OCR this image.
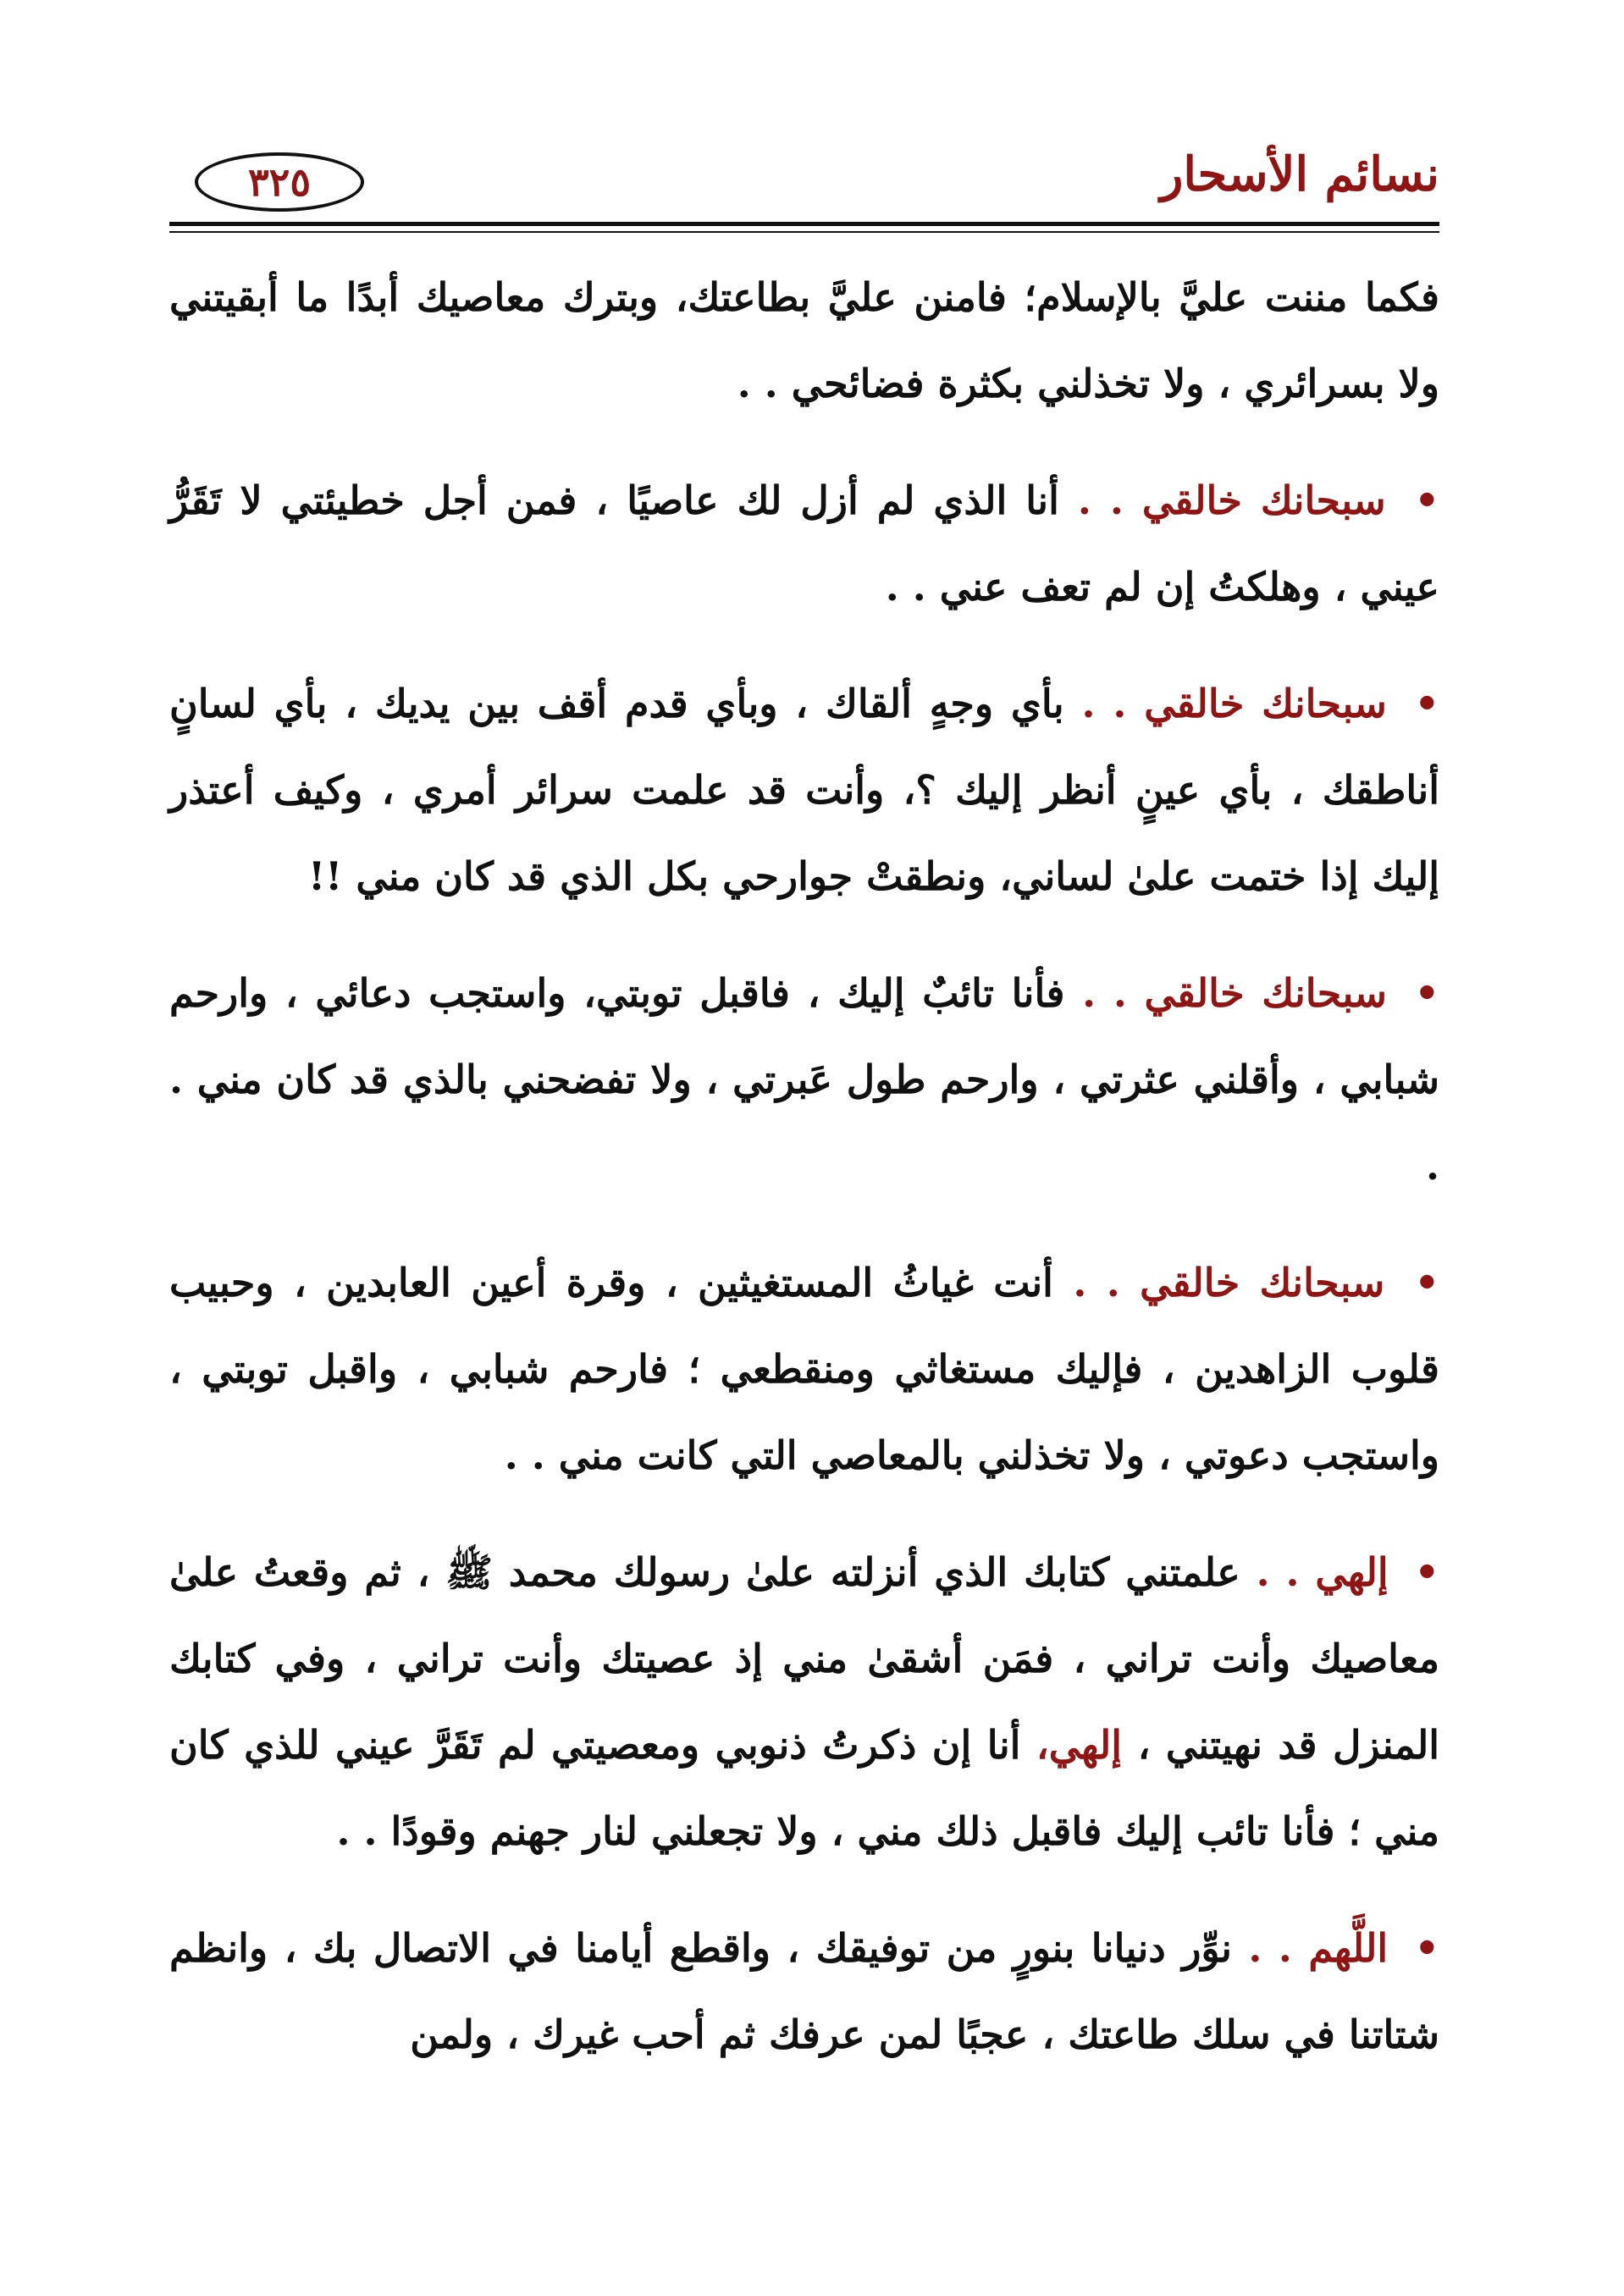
نسائم الأسحار
٣٢٥

فكما مننت عليَّ بالإسلام؛ فامنن عليَّ بطاعتك، وبترك معاصيك أبدًا ما أبقيتني ولا بسرائري ، ولا تخذلني بكثرة فضائحي . .

• سبحانك خالقي . . أنا الذي لم أزل لك عاصيًا ، فمن أجل خطيئتي لا تَقَرُّ عيني ، وهلكتُ إن لم تعف عني . .

• سبحانك خالقي . . بأي وجهٍ ألقاك ، وبأي قدم أقف بين يديك ، بأي لسانٍ أناطقك ، بأي عينٍ أنظر إليك ؟، وأنت قد علمت سرائر أمري ، وكيف أعتذر إليك إذا ختمت علىٰ لساني، ونطقتْ جوارحي بكل الذي قد كان مني !!

• سبحانك خالقي . . فأنا تائبٌ إليك ، فاقبل توبتي، واستجب دعائي ، وارحم شبابي ، وأقلني عثرتي ، وارحم طول عَبرتي ، ولا تفضحني بالذي قد كان مني . .

• سبحانك خالقي . . أنت غياثُ المستغيثين ، وقرة أعين العابدين ، وحبيب قلوب الزاهدين ، فإليك مستغاثي ومنقطعي ؛ فارحم شبابي ، واقبل توبتي ، واستجب دعوتي ، ولا تخذلني بالمعاصي التي كانت مني . .

• إلهي . . علمتني كتابك الذي أنزلته علىٰ رسولك محمد ﷺ ، ثم وقعتُ علىٰ معاصيك وأنت تراني ، فمَن أشقىٰ مني إذ عصيتك وأنت تراني ، وفي كتابك المنزل قد نهيتني ، إلهي، أنا إن ذكرتُ ذنوبي ومعصيتي لم تَقَرَّ عيني للذي كان مني ؛ فأنا تائب إليك فاقبل ذلك مني ، ولا تجعلني لنار جهنم وقودًا . .

• اللَّهم . . نوِّر دنيانا بنورٍ من توفيقك ، واقطع أيامنا في الاتصال بك ، وانظم شتاتنا في سلك طاعتك ، عجبًا لمن عرفك ثم أحب غيرك ، ولمن
